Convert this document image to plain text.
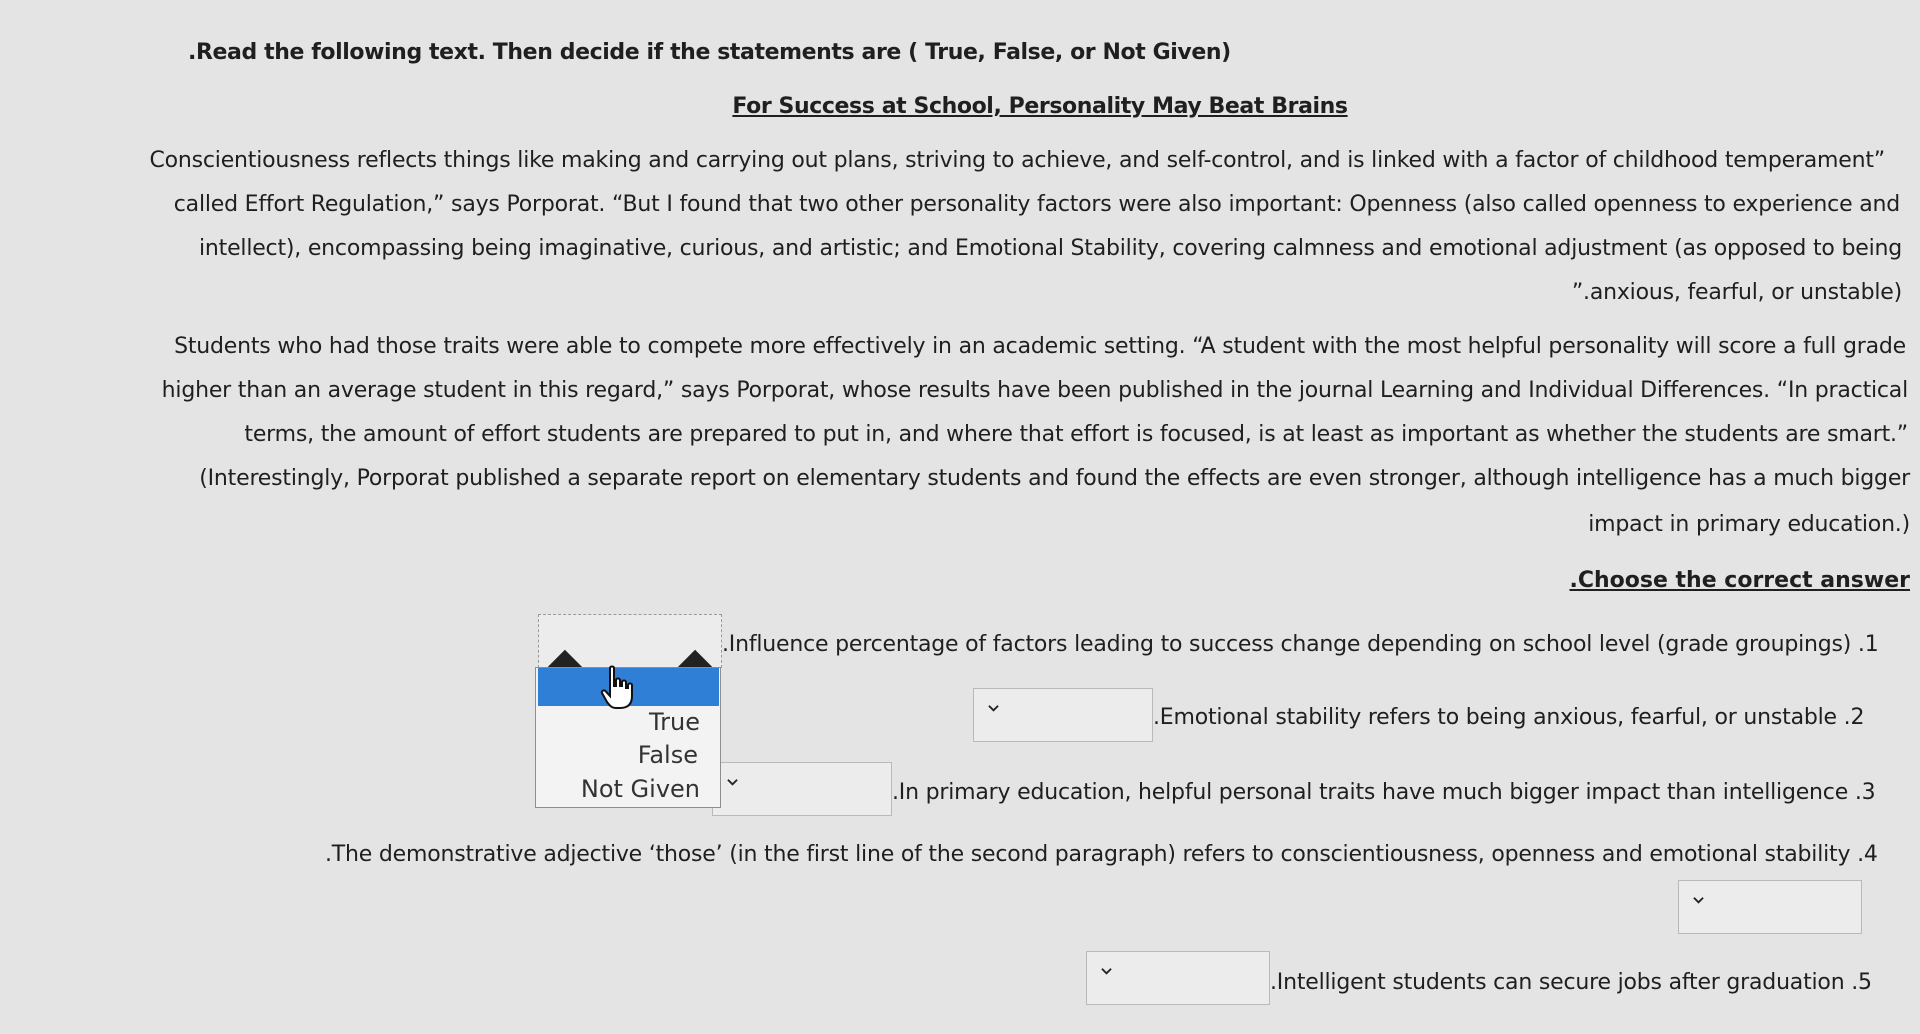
.Read the following text. Then decide if the statements are ( True, False, or Not Given)
For Success at School, Personality May Beat Brains
Conscientiousness reflects things like making and carrying out plans, striving to achieve, and self-control, and is linked with a factor of childhood temperament”
called Effort Regulation,” says Porporat. “But I found that two other personality factors were also important: Openness (also called openness to experience and
intellect), encompassing being imaginative, curious, and artistic; and Emotional Stability, covering calmness and emotional adjustment (as opposed to being
”.anxious, fearful, or unstable)
Students who had those traits were able to compete more effectively in an academic setting. “A student with the most helpful personality will score a full grade
higher than an average student in this regard,” says Porporat, whose results have been published in the journal Learning and Individual Differences. “In practical
terms, the amount of effort students are prepared to put in, and where that effort is focused, is at least as important as whether the students are smart.”
(Interestingly, Porporat published a separate report on elementary students and found the effects are even stronger, although intelligence has a much bigger
impact in primary education.)
.Choose the correct answer
.Influence percentage of factors leading to success change depending on school level (grade groupings) .1
.Emotional stability refers to being anxious, fearful, or unstable .2
.In primary education, helpful personal traits have much bigger impact than intelligence .3
.The demonstrative adjective ‘those’ (in the first line of the second paragraph) refers to conscientiousness, openness and emotional stability .4
.Intelligent students can secure jobs after graduation .5
True
False
Not Given
